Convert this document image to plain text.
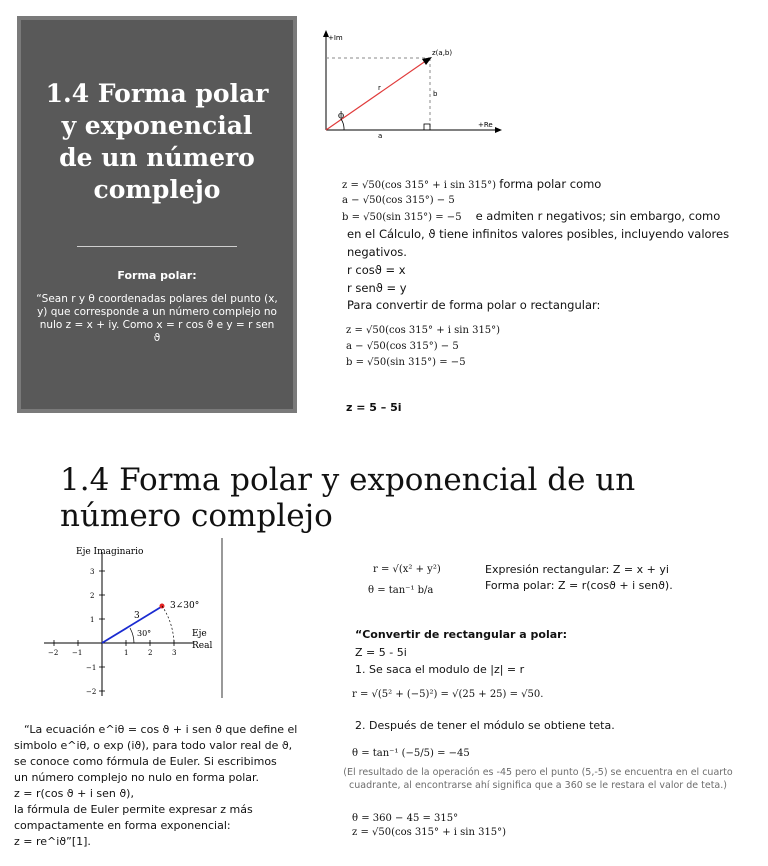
1.4 Forma polar y exponencial de un número complejo
Forma polar:
“Sean r y θ coordenadas polares del punto (x, y) que corresponde a un número complejo no nulo z = x + iy. Como x = r cos ϑ e y = r sen ϑ
+Im
+Re
z(a,b)
r
b
a
ϕ
z = √50(cos 315° + i sin 315°) forma polar como
a − √50(cos 315°) − 5
b = √50(sin 315°) = −5 e admiten r negativos; sin embargo, como
en el Cálculo, ϑ tiene infinitos valores posibles, incluyendo valores
negativos.
r cosϑ = x
r senϑ = y
Para convertir de forma polar o rectangular:
z = √50(cos 315° + i sin 315°)
a − √50(cos 315°) − 5
b = √50(sin 315°) = −5
z = 5 – 5i
1.4 Forma polar y exponencial de un número complejo
Eje Imaginario
Eje
Real
3
2
1
−1
−2
−2 −1	1	2	3
3
30°
3∠30°
“La ecuación e^iθ = cos ϑ + i sen ϑ que define el
simbolo e^iθ, o exp (iϑ), para todo valor real de ϑ,
se conoce como fórmula de Euler. Si escribimos
un número complejo no nulo en forma polar.
z = r(cos ϑ + i sen ϑ),
la fórmula de Euler permite expresar z más
compactamente en forma exponencial:
z = re^iϑ”[1].
r = √(x² + y²)
θ = tan⁻¹ b/a
Expresión rectangular: Z = x + yi
Forma polar: Z = r(cosϑ + i senϑ).
“Convertir de rectangular a polar:
Z = 5 - 5i
1. Se saca el modulo de |z| = r
r = √(5² + (−5)²) = √(25 + 25) = √50.
2. Después de tener el módulo se obtiene teta.
θ = tan⁻¹ (−5/5) = −45
(El resultado de la operación es -45 pero el punto (5,-5) se encuentra en el cuarto cuadrante, al encontrarse ahí significa que a 360 se le restara el valor de teta.)
θ = 360 − 45 = 315°
z = √50(cos 315° + i sin 315°)
